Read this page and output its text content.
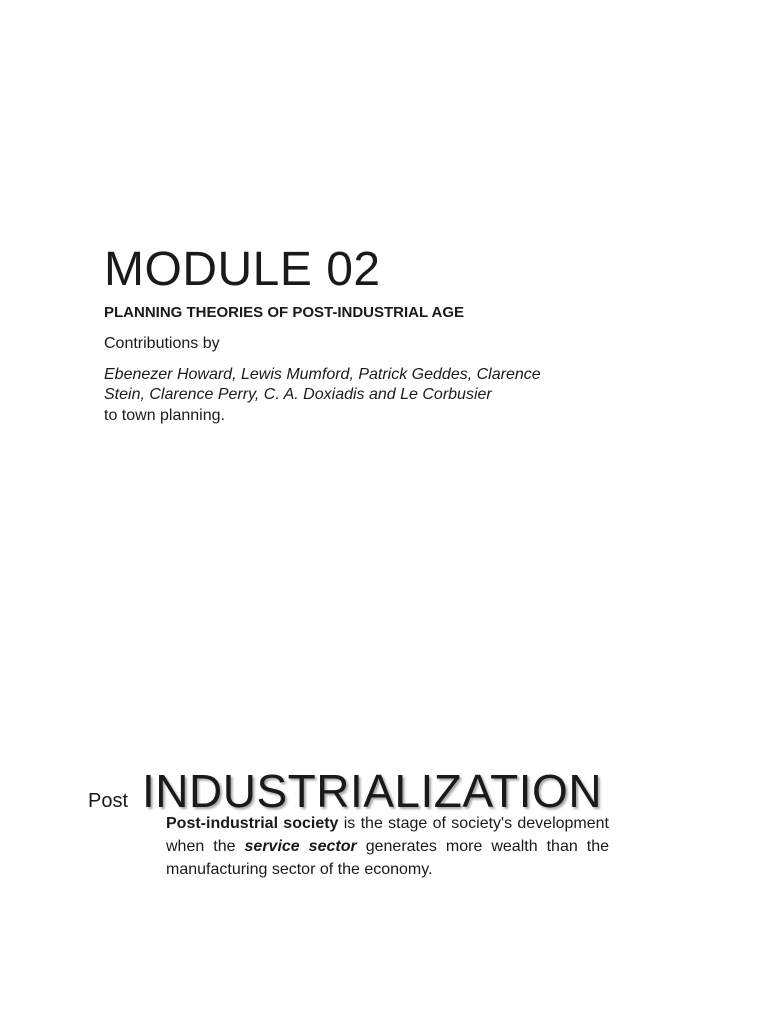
MODULE 02
PLANNING THEORIES OF POST-INDUSTRIAL AGE
Contributions by
Ebenezer Howard, Lewis Mumford, Patrick Geddes, Clarence Stein, Clarence Perry, C. A. Doxiadis and Le Corbusier
to town planning.
Post INDUSTRIALIZATION
Post-industrial society is the stage of society's development when the service sector generates more wealth than the manufacturing sector of the economy.
